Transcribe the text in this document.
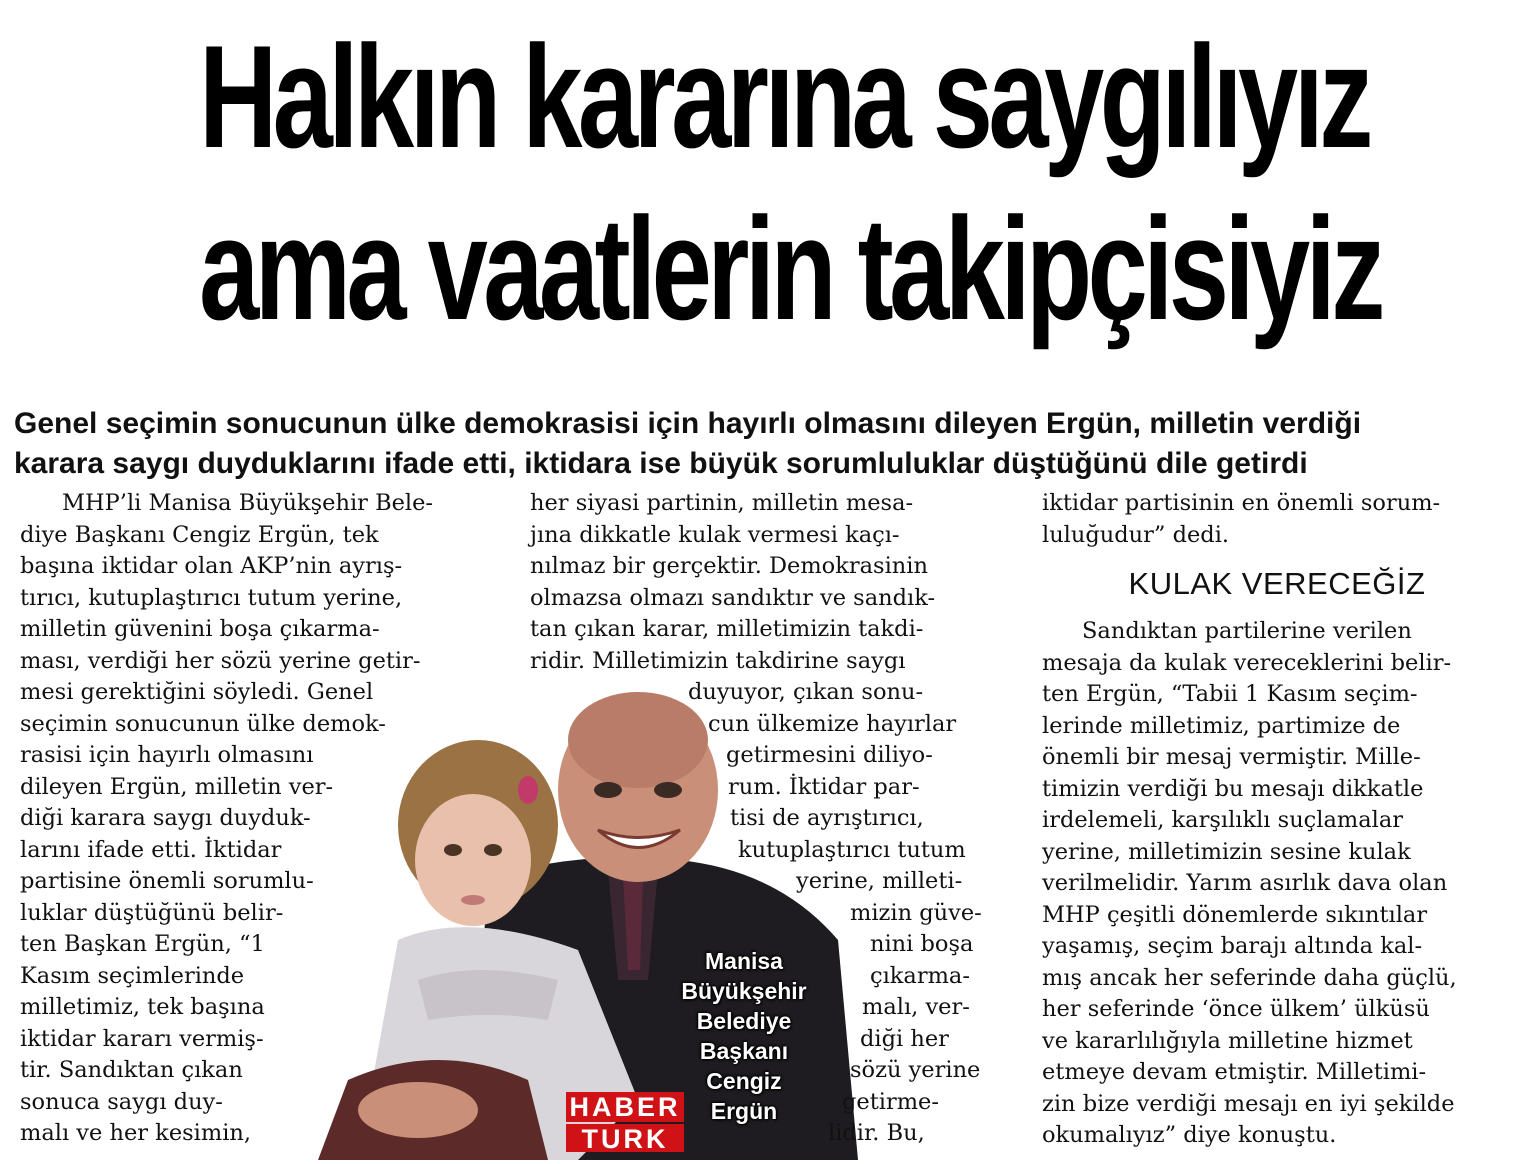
Halkın kararına saygılıyız
ama vaatlerin takipçisiyiz

Genel seçimin sonucunun ülke demokrasisi için hayırlı olmasını dileyen Ergün, milletin verdiği

karara saygı duyduklarını ifade etti, iktidara ise büyük sorumluluklar düştüğünü dile getirdi

Manisa
Büyükşehir
Belediye
Başkanı
Cengiz
Ergün
HABER
TURK
MHP’li Manisa Büyükşehir Bele-
diye Başkanı Cengiz Ergün, tek
başına iktidar olan AKP’nin ayrış-
tırıcı, kutuplaştırıcı tutum yerine,
milletin güvenini boşa çıkarma-
ması, verdiği her sözü yerine getir-
mesi gerektiğini söyledi. Genel
seçimin sonucunun ülke demok-
rasisi için hayırlı olmasını
dileyen Ergün, milletin ver-
diği karara saygı duyduk-
larını ifade etti. İktidar
partisine önemli sorumlu-
luklar düştüğünü belir-
ten Başkan Ergün, “1
Kasım seçimlerinde
milletimiz, tek başına
iktidar kararı vermiş-
tir. Sandıktan çıkan
sonuca saygı duy-
malı ve her kesimin,
her siyasi partinin, milletin mesa-
jına dikkatle kulak vermesi kaçı-
nılmaz bir gerçektir. Demokrasinin
olmazsa olmazı sandıktır ve sandık-
tan çıkan karar, milletimizin takdi-
ridir. Milletimizin takdirine saygı
duyuyor, çıkan sonu-
cun ülkemize hayırlar
getirmesini diliyo-
rum. İktidar par-
tisi de ayrıştırıcı,
kutuplaştırıcı tutum
yerine, milleti-
mizin güve-
nini boşa
çıkarma-
malı, ver-
diği her
sözü yerine
getirme-
lidir. Bu,
iktidar partisinin en önemli sorum-
luluğudur” dedi.
KULAK VERECEĞİZ
Sandıktan partilerine verilen
mesaja da kulak vereceklerini belir-
ten Ergün, “Tabii 1 Kasım seçim-
lerinde milletimiz, partimize de
önemli bir mesaj vermiştir. Mille-
timizin verdiği bu mesajı dikkatle
irdelemeli, karşılıklı suçlamalar
yerine, milletimizin sesine kulak
verilmelidir. Yarım asırlık dava olan
MHP çeşitli dönemlerde sıkıntılar
yaşamış, seçim barajı altında kal-
mış ancak her seferinde daha güçlü,
her seferinde ‘önce ülkem’ ülküsü
ve kararlılığıyla milletine hizmet
etmeye devam etmiştir. Milletimi-
zin bize verdiği mesajı en iyi şekilde
okumalıyız” diye konuştu.
